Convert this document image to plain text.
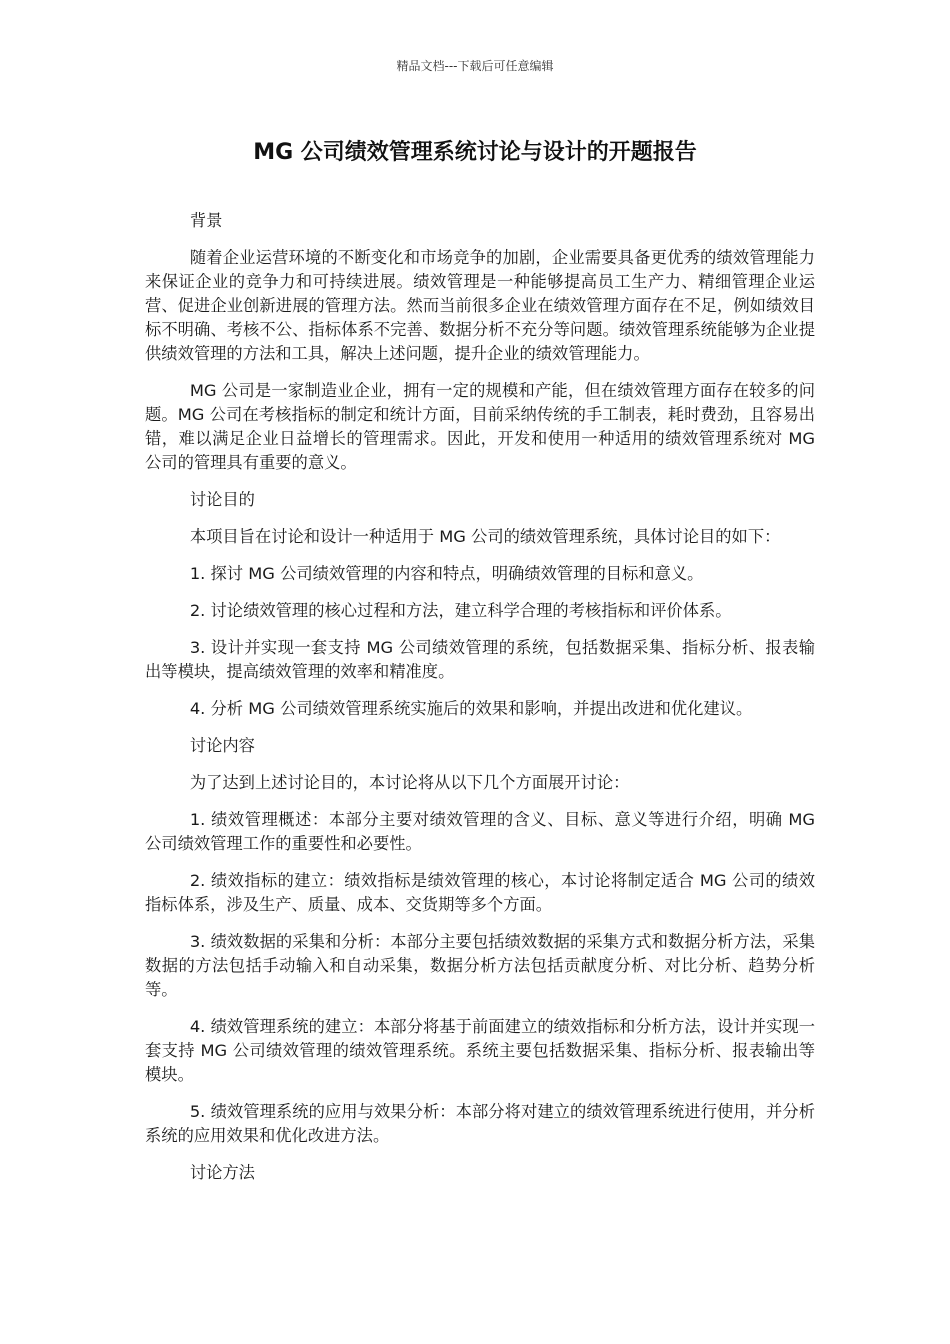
精品文档---下载后可任意编辑
MG 公司绩效管理系统讨论与设计的开题报告

背景

随着企业运营环境的不断变化和市场竞争的加剧，企业需要具备更优秀的绩效管理能力来保证企业的竞争力和可持续进展。绩效管理是一种能够提高员工生产力、精细管理企业运营、促进企业创新进展的管理方法。然而当前很多企业在绩效管理方面存在不足，例如绩效目标不明确、考核不公、指标体系不完善、数据分析不充分等问题。绩效管理系统能够为企业提供绩效管理的方法和工具，解决上述问题，提升企业的绩效管理能力。

MG 公司是一家制造业企业，拥有一定的规模和产能，但在绩效管理方面存在较多的问题。MG 公司在考核指标的制定和统计方面，目前采纳传统的手工制表，耗时费劲，且容易出错，难以满足企业日益增长的管理需求。因此，开发和使用一种适用的绩效管理系统对 MG 公司的管理具有重要的意义。

讨论目的

本项目旨在讨论和设计一种适用于 MG 公司的绩效管理系统，具体讨论目的如下：

1. 探讨 MG 公司绩效管理的内容和特点，明确绩效管理的目标和意义。

2. 讨论绩效管理的核心过程和方法，建立科学合理的考核指标和评价体系。

3. 设计并实现一套支持 MG 公司绩效管理的系统，包括数据采集、指标分析、报表输出等模块，提高绩效管理的效率和精准度。

4. 分析 MG 公司绩效管理系统实施后的效果和影响，并提出改进和优化建议。

讨论内容

为了达到上述讨论目的，本讨论将从以下几个方面展开讨论：

1. 绩效管理概述：本部分主要对绩效管理的含义、目标、意义等进行介绍，明确 MG 公司绩效管理工作的重要性和必要性。

2. 绩效指标的建立：绩效指标是绩效管理的核心，本讨论将制定适合 MG 公司的绩效指标体系，涉及生产、质量、成本、交货期等多个方面。

3. 绩效数据的采集和分析：本部分主要包括绩效数据的采集方式和数据分析方法，采集数据的方法包括手动输入和自动采集，数据分析方法包括贡献度分析、对比分析、趋势分析等。

4. 绩效管理系统的建立：本部分将基于前面建立的绩效指标和分析方法，设计并实现一套支持 MG 公司绩效管理的绩效管理系统。系统主要包括数据采集、指标分析、报表输出等模块。

5. 绩效管理系统的应用与效果分析：本部分将对建立的绩效管理系统进行使用，并分析系统的应用效果和优化改进方法。

讨论方法
